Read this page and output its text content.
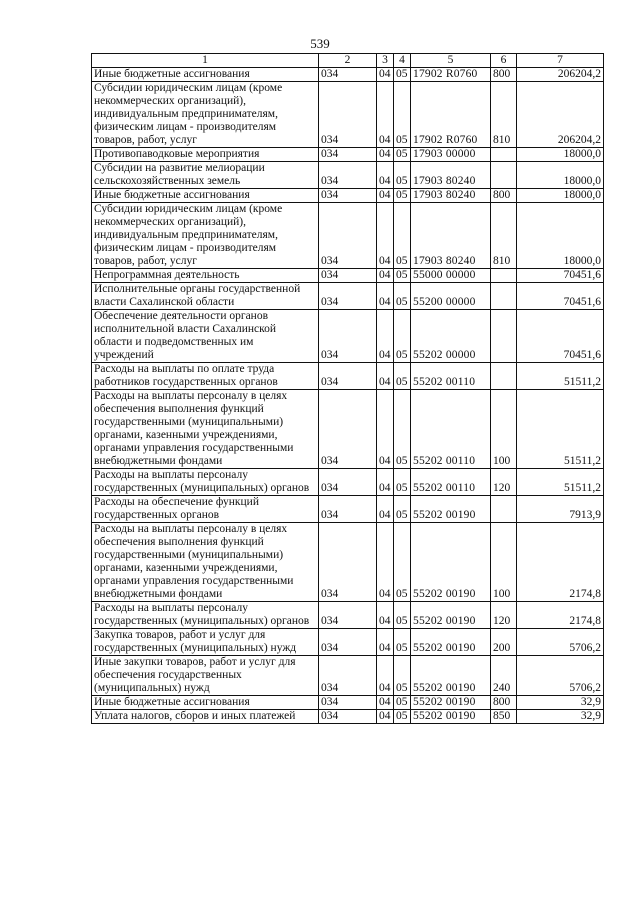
539
1	2	3	4	5	6	7
Иные бюджетные ассигнования	034	04	05	17902 R0760	800	206204,2
Субсидии юридическим лицам (кроме некоммерческих организаций), индивидуальным предпринимателям, физическим лицам - производителям товаров, работ, услуг	034	04	05	17902 R0760	810	206204,2
Противопаводковые мероприятия	034	04	05	17903 00000		18000,0
Субсидии на развитие мелиорации сельскохозяйственных земель	034	04	05	17903 80240		18000,0
Иные бюджетные ассигнования	034	04	05	17903 80240	800	18000,0
Субсидии юридическим лицам (кроме некоммерческих организаций), индивидуальным предпринимателям, физическим лицам - производителям товаров, работ, услуг	034	04	05	17903 80240	810	18000,0
Непрограммная деятельность	034	04	05	55000 00000		70451,6
Исполнительные органы государственной власти Сахалинской области	034	04	05	55200 00000		70451,6
Обеспечение деятельности органов исполнительной власти Сахалинской области и подведомственных им учреждений	034	04	05	55202 00000		70451,6
Расходы на выплаты по оплате труда работников государственных органов	034	04	05	55202 00110		51511,2
Расходы на выплаты персоналу в целях обеспечения выполнения функций государственными (муниципальными) органами, казенными учреждениями, органами управления государственными внебюджетными фондами	034	04	05	55202 00110	100	51511,2
Расходы на выплаты персоналу государственных (муниципальных) органов	034	04	05	55202 00110	120	51511,2
Расходы на обеспечение функций государственных органов	034	04	05	55202 00190		7913,9
Расходы на выплаты персоналу в целях обеспечения выполнения функций государственными (муниципальными) органами, казенными учреждениями, органами управления государственными внебюджетными фондами	034	04	05	55202 00190	100	2174,8
Расходы на выплаты персоналу государственных (муниципальных) органов	034	04	05	55202 00190	120	2174,8
Закупка товаров, работ и услуг для государственных (муниципальных) нужд	034	04	05	55202 00190	200	5706,2
Иные закупки товаров, работ и услуг для обеспечения государственных (муниципальных) нужд	034	04	05	55202 00190	240	5706,2
Иные бюджетные ассигнования	034	04	05	55202 00190	800	32,9
Уплата налогов, сборов и иных платежей	034	04	05	55202 00190	850	32,9
